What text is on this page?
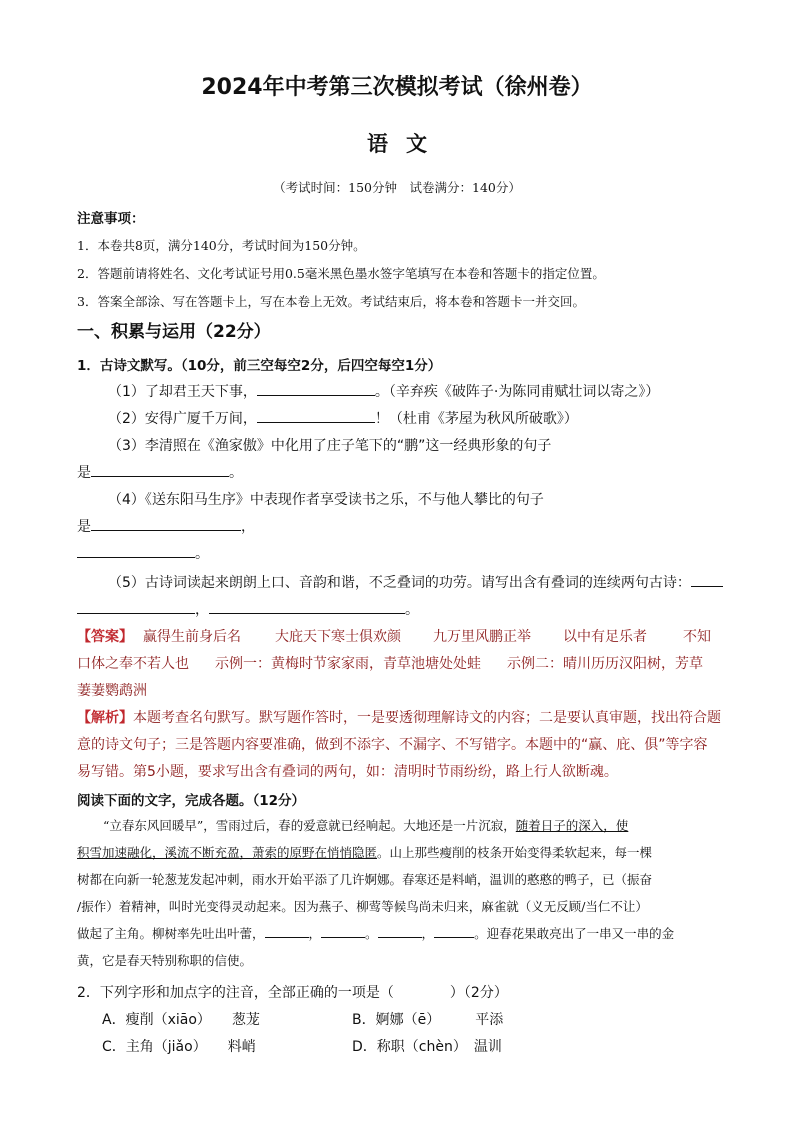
2024年中考第三次模拟考试（徐州卷）
语文
（考试时间：150分钟　试卷满分：140分）
注意事项：
1．本卷共8页，满分140分，考试时间为150分钟。
2．答题前请将姓名、文化考试证号用0.5毫米黑色墨水签字笔填写在本卷和答题卡的指定位置。
3．答案全部涂、写在答题卡上，写在本卷上无效。考试结束后，将本卷和答题卡一并交回。
一、积累与运用（22分）
1．古诗文默写。（10分，前三空每空2分，后四空每空1分）
（1）了却君王天下事，	。（辛弃疾《破阵子·为陈同甫赋壮词以寄之》）
（2）安得广厦千万间，	！（杜甫《茅屋为秋风所破歌》）
（3）李清照在《渔家傲》中化用了庄子笔下的“鹏”这一经典形象的句子
是	。
（4）《送东阳马生序》中表现作者享受读书之乐，不与他人攀比的句子
是	，
。
（5）古诗词读起来朗朗上口、音韵和谐，不乏叠词的功劳。请写出含有叠词的连续两句古诗：
，	。
【答案】 赢得生前身后名 大庇天下寒士俱欢颜 九万里风鹏正举 以中有足乐者	不知
口体之奉不若人也 示例一：黄梅时节家家雨，青草池塘处处蛙 示例二：晴川历历汉阳树，芳草
萋萋鹦鹉洲
【解析】本题考查名句默写。默写题作答时，一是要透彻理解诗文的内容；二是要认真审题，找出符合题
意的诗文句子；三是答题内容要准确，做到不添字、不漏字、不写错字。本题中的“赢、庇、俱”等字容
易写错。第5小题，要求写出含有叠词的两句，如：清明时节雨纷纷，路上行人欲断魂。
阅读下面的文字，完成各题。（12分）
“立春东风回暖早”，雪雨过后，春的爱意就已经响起。大地还是一片沉寂，随着日子的深入，使
积雪加速融化，溪流不断充盈，萧索的原野在悄悄隐匿。山上那些瘦削的枝条开始变得柔软起来，每一棵
树都在向新一轮葱茏发起冲刺，雨水开始平添了几许婀娜。春寒还是料峭，温训的憨憨的鸭子，已（振奋
/振作）着精神，叫时光变得灵动起来。因为燕子、柳莺等候鸟尚未归来，麻雀就（义无反顾/当仁不让）
做起了主角。柳树率先吐出叶蕾，	，	。	，	。迎春花果敢亮出了一串又一串的金
黄，它是春天特别称职的信使。
2．下列字形和加点字的注音，全部正确的一项是（　　　　）（2分）
A．瘦削（xiāo）　　葱茏	B．婀娜（ē）　　　平添
C．主角（jiǎo）　　料峭	D．称职（chèn）　温训
